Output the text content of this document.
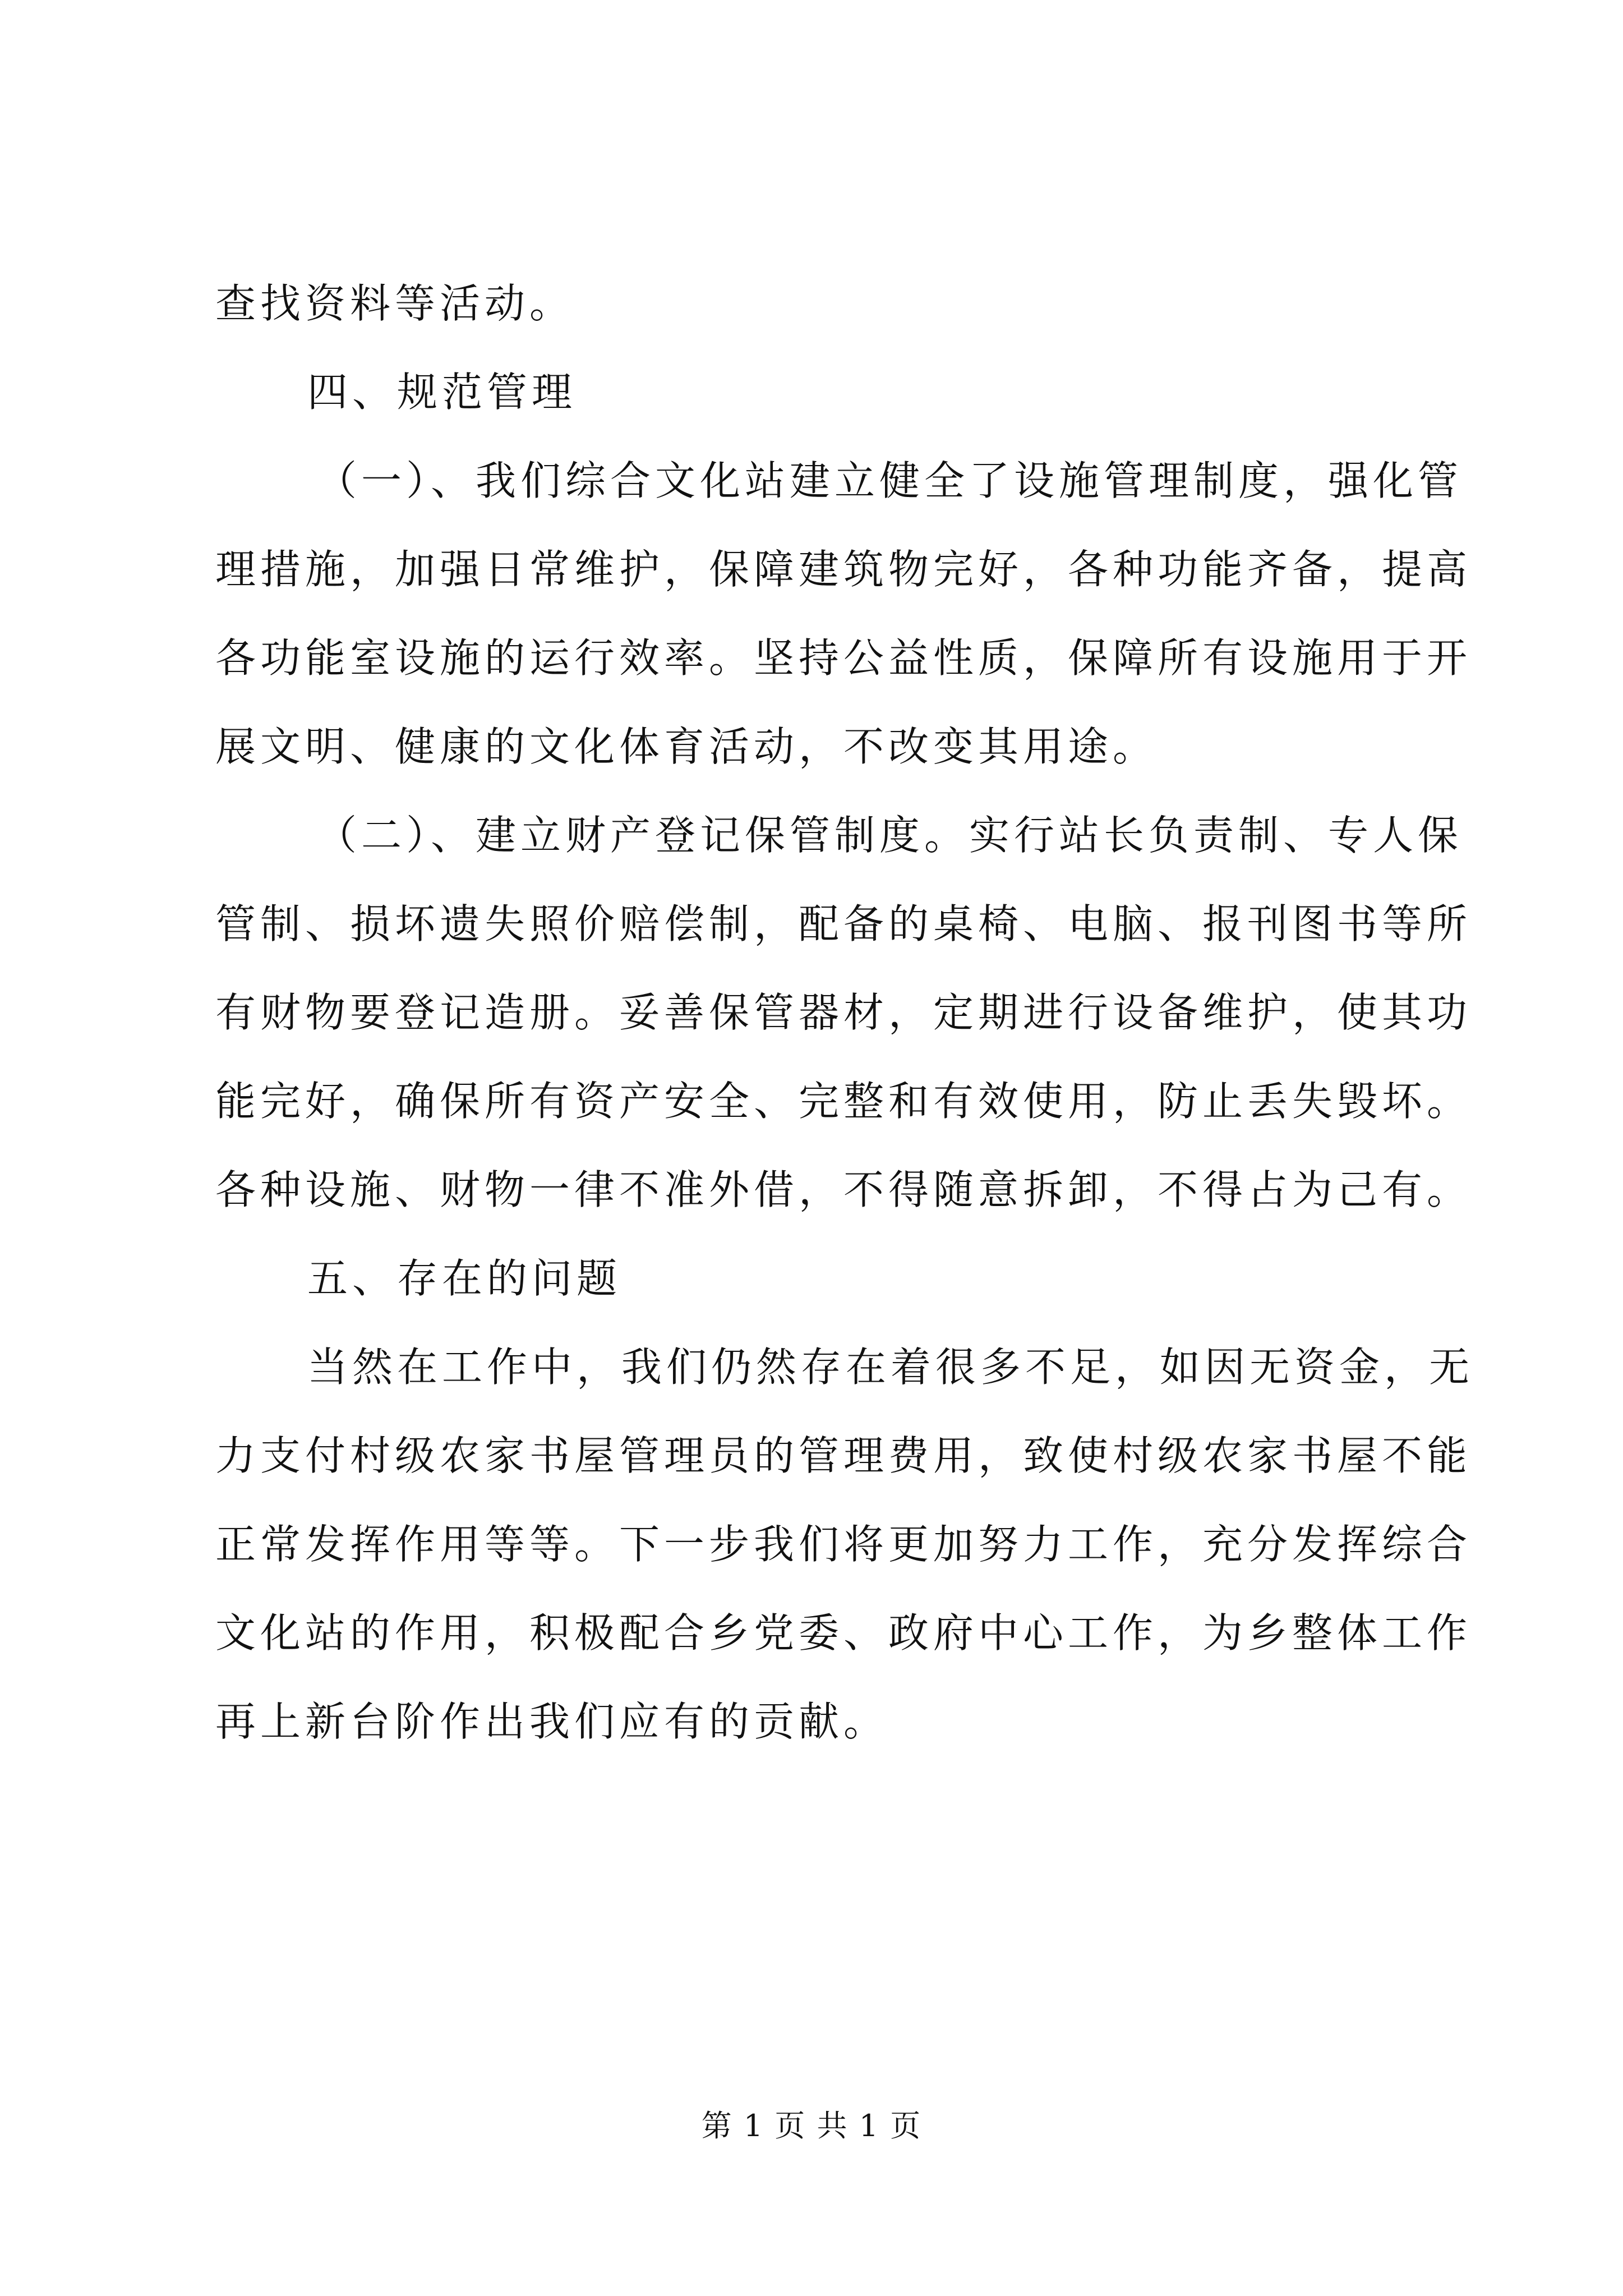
查找资料等活动。
四、规范管理
（一）、我们综合文化站建立健全了设施管理制度，强化管
理措施，加强日常维护，保障建筑物完好，各种功能齐备，提高
各功能室设施的运行效率。坚持公益性质，保障所有设施用于开
展文明、健康的文化体育活动，不改变其用途。
（二）、建立财产登记保管制度。实行站长负责制、专人保
管制、损坏遗失照价赔偿制，配备的桌椅、电脑、报刊图书等所
有财物要登记造册。妥善保管器材，定期进行设备维护，使其功
能完好，确保所有资产安全、完整和有效使用，防止丢失毁坏。
各种设施、财物一律不准外借，不得随意拆卸，不得占为己有。
五、存在的问题
当然在工作中，我们仍然存在着很多不足，如因无资金，无
力支付村级农家书屋管理员的管理费用，致使村级农家书屋不能
正常发挥作用等等。下一步我们将更加努力工作，充分发挥综合
文化站的作用，积极配合乡党委、政府中心工作，为乡整体工作
再上新台阶作出我们应有的贡献。
第 1 页 共 1 页
